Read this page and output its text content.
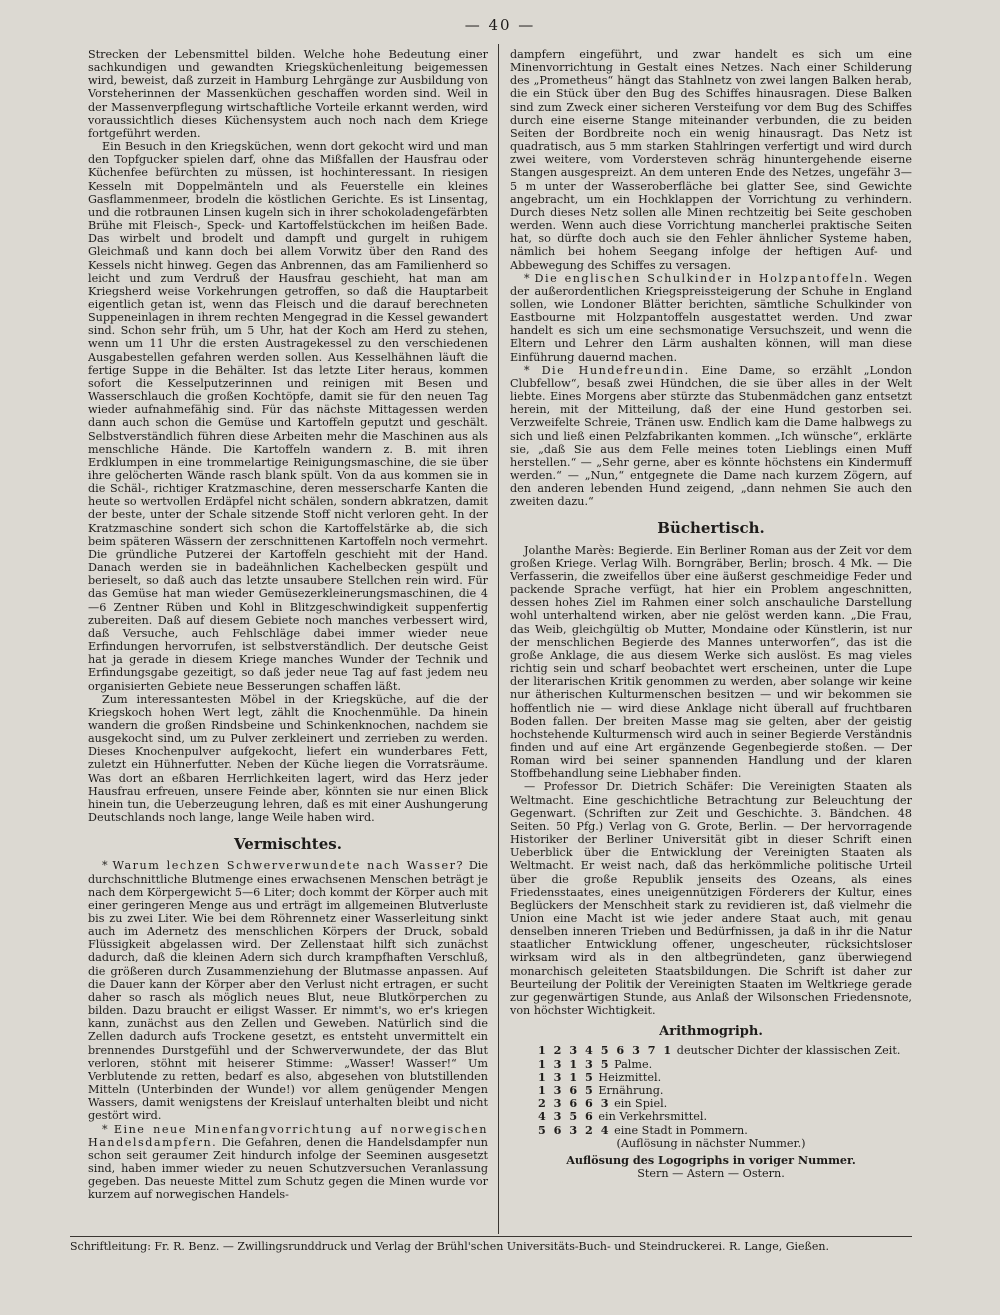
— 40 —

Strecken der Lebensmittel bilden. Welche hohe Bedeutung einer sachkundigen und gewandten Kriegsküchenleitung beigemessen wird, beweist, daß zurzeit in Hamburg Lehrgänge zur Ausbildung von Vorsteherinnen der Massenküchen geschaffen worden sind. Weil in der Massenverpflegung wirtschaftliche Vorteile erkannt werden, wird voraussichtlich dieses Küchensystem auch noch nach dem Kriege fortgeführt werden.

Ein Besuch in den Kriegsküchen, wenn dort gekocht wird und man den Topfgucker spielen darf, ohne das Mißfallen der Hausfrau oder Küchenfee befürchten zu müssen, ist hochinteressant. In riesigen Kesseln mit Doppelmänteln und als Feuerstelle ein kleines Gasflammenmeer, brodeln die köstlichen Gerichte. Es ist Linsentag, und die rotbraunen Linsen kugeln sich in ihrer schokoladengefärbten Brühe mit Fleisch-, Speck- und Kartoffelstückchen im heißen Bade. Das wirbelt und brodelt und dampft und gurgelt in ruhigem Gleichmaß und kann doch bei allem Vorwitz über den Rand des Kessels nicht hinweg. Gegen das Anbrennen, das am Familienherd so leicht und zum Verdruß der Hausfrau geschieht, hat man am Kriegsherd weise Vorkehrungen getroffen, so daß die Hauptarbeit eigentlich getan ist, wenn das Fleisch und die darauf berechneten Suppeneinlagen in ihrem rechten Mengegrad in die Kessel gewandert sind. Schon sehr früh, um 5 Uhr, hat der Koch am Herd zu stehen, wenn um 11 Uhr die ersten Austragekessel zu den verschiedenen Ausgabestellen gefahren werden sollen. Aus Kesselhähnen läuft die fertige Suppe in die Behälter. Ist das letzte Liter heraus, kommen sofort die Kesselputzerinnen und reinigen mit Besen und Wasserschlauch die großen Kochtöpfe, damit sie für den neuen Tag wieder aufnahmefähig sind. Für das nächste Mittagessen werden dann auch schon die Gemüse und Kartoffeln geputzt und geschält. Selbstverständlich führen diese Arbeiten mehr die Maschinen aus als menschliche Hände. Die Kartoffeln wandern z. B. mit ihren Erdklumpen in eine trommelartige Reinigungsmaschine, die sie über ihre gelöcherten Wände rasch blank spült. Von da aus kommen sie in die Schäl-, richtiger Kratzmaschine, deren messerscharfe Kanten die heute so wertvollen Erdäpfel nicht schälen, sondern abkratzen, damit der beste, unter der Schale sitzende Stoff nicht verloren geht. In der Kratzmaschine sondert sich schon die Kartoffelstärke ab, die sich beim späteren Wässern der zerschnittenen Kartoffeln noch vermehrt. Die gründliche Putzerei der Kartoffeln geschieht mit der Hand. Danach werden sie in badeähnlichen Kachelbecken gespült und berieselt, so daß auch das letzte unsaubere Stellchen rein wird. Für das Gemüse hat man wieder Gemüsezerkleinerungsmaschinen, die 4—6 Zentner Rüben und Kohl in Blitzgeschwindigkeit suppenfertig zubereiten. Daß auf diesem Gebiete noch manches verbessert wird, daß Versuche, auch Fehlschläge dabei immer wieder neue Erfindungen hervorrufen, ist selbstverständlich. Der deutsche Geist hat ja gerade in diesem Kriege manches Wunder der Technik und Erfindungsgabe gezeitigt, so daß jeder neue Tag auf fast jedem neu organisierten Gebiete neue Besserungen schaffen läßt.

Zum interessantesten Möbel in der Kriegsküche, auf die der Kriegskoch hohen Wert legt, zählt die Knochenmühle. Da hinein wandern die großen Rindsbeine und Schinkenknochen, nachdem sie ausgekocht sind, um zu Pulver zerkleinert und zerrieben zu werden. Dieses Knochenpulver aufgekocht, liefert ein wunderbares Fett, zuletzt ein Hühnerfutter. Neben der Küche liegen die Vorratsräume. Was dort an eßbaren Herrlichkeiten lagert, wird das Herz jeder Hausfrau erfreuen, unsere Feinde aber, könnten sie nur einen Blick hinein tun, die Ueberzeugung lehren, daß es mit einer Aushungerung Deutschlands noch lange, lange Weile haben wird.

Vermischtes.

* Warum lechzen Schwerverwundete nach Wasser? Die durchschnittliche Blutmenge eines erwachsenen Menschen beträgt je nach dem Körpergewicht 5—6 Liter; doch kommt der Körper auch mit einer geringeren Menge aus und erträgt im allgemeinen Blutverluste bis zu zwei Liter. Wie bei dem Röhrennetz einer Wasserleitung sinkt auch im Adernetz des menschlichen Körpers der Druck, sobald Flüssigkeit abgelassen wird. Der Zellenstaat hilft sich zunächst dadurch, daß die kleinen Adern sich durch krampfhaften Verschluß, die größeren durch Zusammenziehung der Blutmasse anpassen. Auf die Dauer kann der Körper aber den Verlust nicht ertragen, er sucht daher so rasch als möglich neues Blut, neue Blutkörperchen zu bilden. Dazu braucht er eiligst Wasser. Er nimmt's, wo er's kriegen kann, zunächst aus den Zellen und Geweben. Natürlich sind die Zellen dadurch aufs Trockene gesetzt, es entsteht unvermittelt ein brennendes Durstgefühl und der Schwerverwundete, der das Blut verloren, stöhnt mit heiserer Stimme: „Wasser! Wasser!“ Um Verblutende zu retten, bedarf es also, abgesehen von blutstillenden Mitteln (Unterbinden der Wunde!) vor allem genügender Mengen Wassers, damit wenigstens der Kreislauf unterhalten bleibt und nicht gestört wird.

* Eine neue Minenfangvorrichtung auf norwegischen Handelsdampfern. Die Gefahren, denen die Handelsdampfer nun schon seit geraumer Zeit hindurch infolge der Seeminen ausgesetzt sind, haben immer wieder zu neuen Schutzversuchen Veranlassung gegeben. Das neueste Mittel zum Schutz gegen die Minen wurde vor kurzem auf norwegischen Handels-

dampfern eingeführt, und zwar handelt es sich um eine Minenvorrichtung in Gestalt eines Netzes. Nach einer Schilderung des „Prometheus“ hängt das Stahlnetz von zwei langen Balken herab, die ein Stück über den Bug des Schiffes hinausragen. Diese Balken sind zum Zweck einer sicheren Versteifung vor dem Bug des Schiffes durch eine eiserne Stange miteinander verbunden, die zu beiden Seiten der Bordbreite noch ein wenig hinausragt. Das Netz ist quadratisch, aus 5 mm starken Stahlringen verfertigt und wird durch zwei weitere, vom Vordersteven schräg hinuntergehende eiserne Stangen ausgespreizt. An dem unteren Ende des Netzes, ungefähr 3—5 m unter der Wasseroberfläche bei glatter See, sind Gewichte angebracht, um ein Hochklappen der Vorrichtung zu verhindern. Durch dieses Netz sollen alle Minen rechtzeitig bei Seite geschoben werden. Wenn auch diese Vorrichtung mancherlei praktische Seiten hat, so dürfte doch auch sie den Fehler ähnlicher Systeme haben, nämlich bei hohem Seegang infolge der heftigen Auf- und Abbewegung des Schiffes zu versagen.

* Die englischen Schulkinder in Holzpantoffeln. Wegen der außerordentlichen Kriegspreissteigerung der Schuhe in England sollen, wie Londoner Blätter berichten, sämtliche Schulkinder von Eastbourne mit Holzpantoffeln ausgestattet werden. Und zwar handelt es sich um eine sechsmonatige Versuchszeit, und wenn die Eltern und Lehrer den Lärm aushalten können, will man diese Einführung dauernd machen.

* Die Hundefreundin. Eine Dame, so erzählt „London Clubfellow“, besaß zwei Hündchen, die sie über alles in der Welt liebte. Eines Morgens aber stürzte das Stubenmädchen ganz entsetzt herein, mit der Mitteilung, daß der eine Hund gestorben sei. Verzweifelte Schreie, Tränen usw. Endlich kam die Dame halbwegs zu sich und ließ einen Pelzfabrikanten kommen. „Ich wünsche“, erklärte sie, „daß Sie aus dem Felle meines toten Lieblings einen Muff herstellen.“ — „Sehr gerne, aber es könnte höchstens ein Kindermuff werden.“ — „Nun,“ entgegnete die Dame nach kurzem Zögern, auf den anderen lebenden Hund zeigend, „dann nehmen Sie auch den zweiten dazu.“

Büchertisch.

Jolanthe Marès: Begierde. Ein Berliner Roman aus der Zeit vor dem großen Kriege. Verlag Wilh. Borngräber, Berlin; brosch. 4 Mk. — Die Verfasserin, die zweifellos über eine äußerst geschmeidige Feder und packende Sprache verfügt, hat hier ein Problem angeschnitten, dessen hohes Ziel im Rahmen einer solch anschauliche Darstellung wohl unterhaltend wirken, aber nie gelöst werden kann. „Die Frau, das Weib, gleichgültig ob Mutter, Mondaine oder Künstlerin, ist nur der menschlichen Begierde des Mannes unterworfen“, das ist die große Anklage, die aus diesem Werke sich auslöst. Es mag vieles richtig sein und scharf beobachtet wert erscheinen, unter die Lupe der literarischen Kritik genommen zu werden, aber solange wir keine nur ätherischen Kulturmenschen besitzen — und wir bekommen sie hoffentlich nie — wird diese Anklage nicht überall auf fruchtbaren Boden fallen. Der breiten Masse mag sie gelten, aber der geistig hochstehende Kulturmensch wird auch in seiner Begierde Verständnis finden und auf eine Art ergänzende Gegenbegierde stoßen. — Der Roman wird bei seiner spannenden Handlung und der klaren Stoffbehandlung seine Liebhaber finden.

— Professor Dr. Dietrich Schäfer: Die Vereinigten Staaten als Weltmacht. Eine geschichtliche Betrachtung zur Beleuchtung der Gegenwart. (Schriften zur Zeit und Geschichte. 3. Bändchen. 48 Seiten. 50 Pfg.) Verlag von G. Grote, Berlin. — Der hervorragende Historiker der Berliner Universität gibt in dieser Schrift einen Ueberblick über die Entwicklung der Vereinigten Staaten als Weltmacht. Er weist nach, daß das herkömmliche politische Urteil über die große Republik jenseits des Ozeans, als eines Friedensstaates, eines uneigennützigen Förderers der Kultur, eines Beglückers der Menschheit stark zu revidieren ist, daß vielmehr die Union eine Macht ist wie jeder andere Staat auch, mit genau denselben inneren Trieben und Bedürfnissen, ja daß in ihr die Natur staatlicher Entwicklung offener, ungescheuter, rücksichtsloser wirksam wird als in den altbegründeten, ganz überwiegend monarchisch geleiteten Staatsbildungen. Die Schrift ist daher zur Beurteilung der Politik der Vereinigten Staaten im Weltkriege gerade zur gegenwärtigen Stunde, aus Anlaß der Wilsonschen Friedensnote, von höchster Wichtigkeit.

Arithmogriph.
1 2 3 4 5 6 3 7 1 deutscher Dichter der klassischen Zeit.
1 3 1 3 5 Palme.
1 3 1 5 Heizmittel.
1 3 6 5 Ernährung.
2 3 6 6 3 ein Spiel.
4 3 5 6 ein Verkehrsmittel.
5 6 3 2 4 eine Stadt in Pommern.

(Auflösung in nächster Nummer.)

Auflösung des Logogriphs in voriger Nummer.

Stern — Astern — Ostern.

Schriftleitung: Fr. R. Benz. — Zwillingsrunddruck und Verlag der Brühl'schen Universitäts-Buch- und Steindruckerei. R. Lange, Gießen.
